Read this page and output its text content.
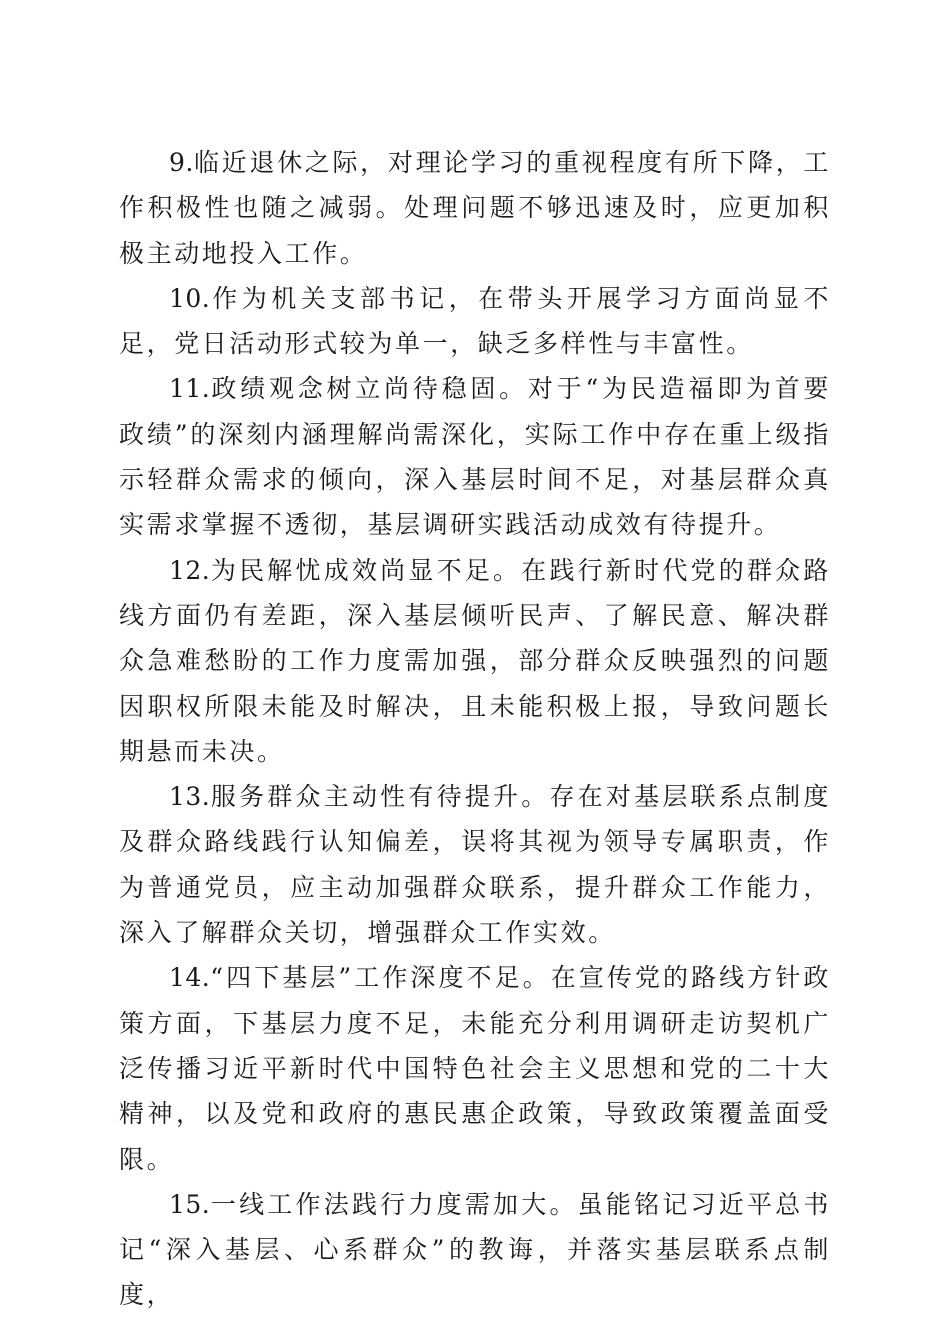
9.临近退休之际，对理论学习的重视程度有所下降，工作积极性也随之减弱。处理问题不够迅速及时，应更加积极主动地投入工作。

10.作为机关支部书记，在带头开展学习方面尚显不足，党日活动形式较为单一，缺乏多样性与丰富性。

11.政绩观念树立尚待稳固。对于“为民造福即为首要政绩”的深刻内涵理解尚需深化，实际工作中存在重上级指示轻群众需求的倾向，深入基层时间不足，对基层群众真实需求掌握不透彻，基层调研实践活动成效有待提升。

12.为民解忧成效尚显不足。在践行新时代党的群众路线方面仍有差距，深入基层倾听民声、了解民意、解决群众急难愁盼的工作力度需加强，部分群众反映强烈的问题因职权所限未能及时解决，且未能积极上报，导致问题长期悬而未决。

13.服务群众主动性有待提升。存在对基层联系点制度及群众路线践行认知偏差，误将其视为领导专属职责，作为普通党员，应主动加强群众联系，提升群众工作能力，深入了解群众关切，增强群众工作实效。

14.“四下基层”工作深度不足。在宣传党的路线方针政策方面，下基层力度不足，未能充分利用调研走访契机广泛传播习近平新时代中国特色社会主义思想和党的二十大精神，以及党和政府的惠民惠企政策，导致政策覆盖面受限。

15.一线工作法践行力度需加大。虽能铭记习近平总书记“深入基层、心系群众”的教诲，并落实基层联系点制度，
